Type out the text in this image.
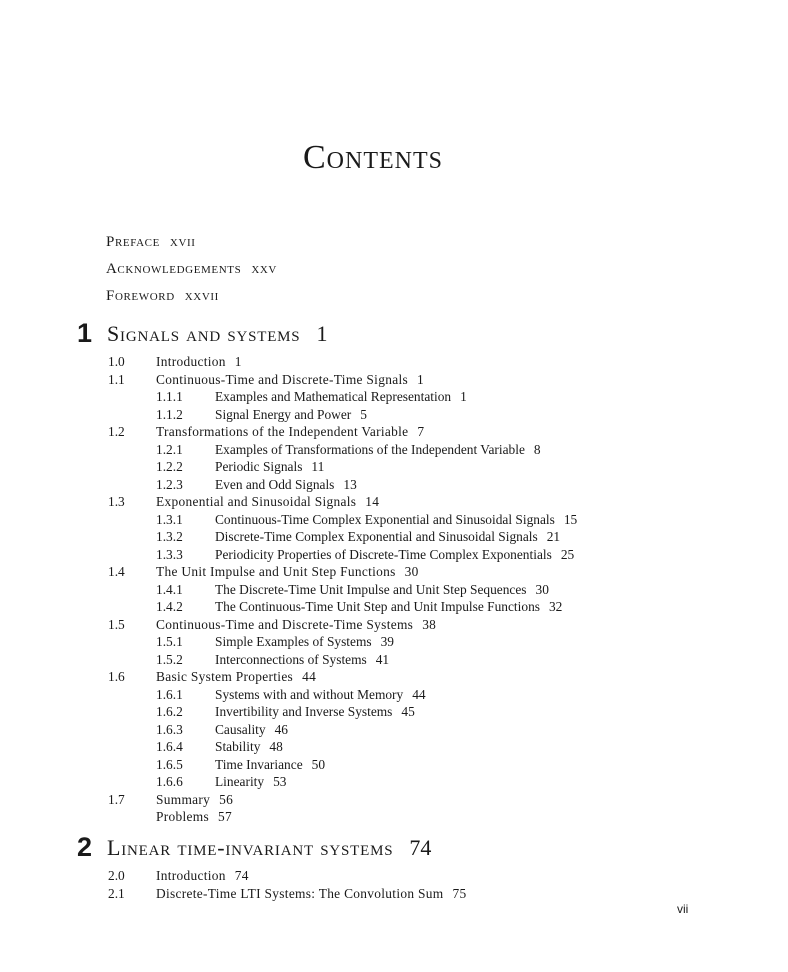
Contents
Preface xvii
Acknowledgements xxv
Foreword xxvii
1 Signals and systems 1
1.0 Introduction 1
1.1 Continuous-Time and Discrete-Time Signals 1
1.1.1 Examples and Mathematical Representation 1
1.1.2 Signal Energy and Power 5
1.2 Transformations of the Independent Variable 7
1.2.1 Examples of Transformations of the Independent Variable 8
1.2.2 Periodic Signals 11
1.2.3 Even and Odd Signals 13
1.3 Exponential and Sinusoidal Signals 14
1.3.1 Continuous-Time Complex Exponential and Sinusoidal Signals 15
1.3.2 Discrete-Time Complex Exponential and Sinusoidal Signals 21
1.3.3 Periodicity Properties of Discrete-Time Complex Exponentials 25
1.4 The Unit Impulse and Unit Step Functions 30
1.4.1 The Discrete-Time Unit Impulse and Unit Step Sequences 30
1.4.2 The Continuous-Time Unit Step and Unit Impulse Functions 32
1.5 Continuous-Time and Discrete-Time Systems 38
1.5.1 Simple Examples of Systems 39
1.5.2 Interconnections of Systems 41
1.6 Basic System Properties 44
1.6.1 Systems with and without Memory 44
1.6.2 Invertibility and Inverse Systems 45
1.6.3 Causality 46
1.6.4 Stability 48
1.6.5 Time Invariance 50
1.6.6 Linearity 53
1.7 Summary 56
Problems 57
2 Linear time-invariant systems 74
2.0 Introduction 74
2.1 Discrete-Time LTI Systems: The Convolution Sum 75
vii
